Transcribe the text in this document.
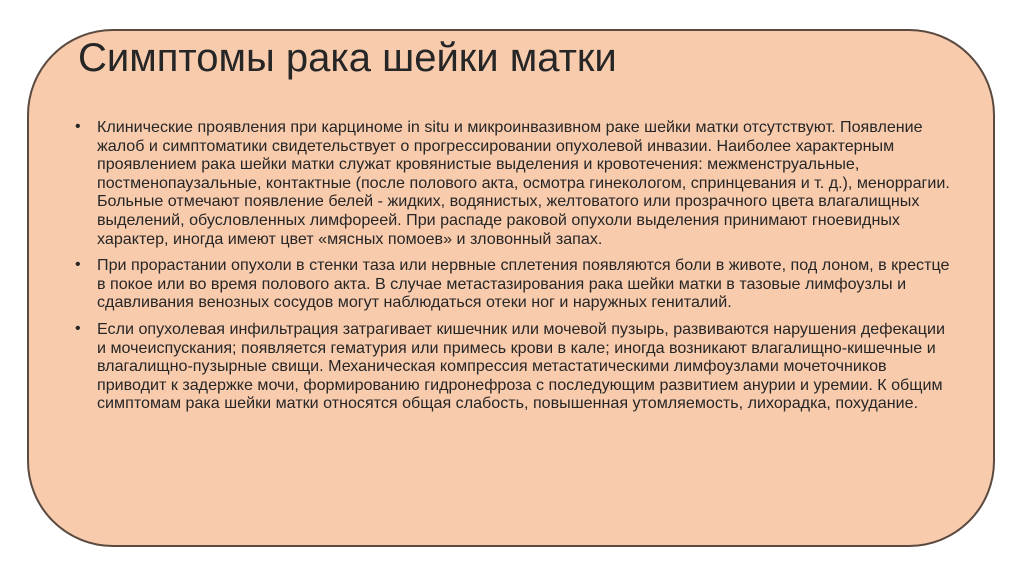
Симптомы рака шейки матки
• Клинические проявления при карциноме in situ и микроинвазивном раке шейки матки отсутствуют. Появление жалоб и симптоматики свидетельствует о прогрессировании опухолевой инвазии. Наиболее характерным проявлением рака шейки матки служат кровянистые выделения и кровотечения: межменструальные, постменопаузальные, контактные (после полового акта, осмотра гинекологом, спринцевания и т. д.), меноррагии. Больные отмечают появление белей - жидких, водянистых, желтоватого или прозрачного цвета влагалищных выделений, обусловленных лимфореей. При распаде раковой опухоли выделения принимают гноевидных характер, иногда имеют цвет «мясных помоев» и зловонный запах.
• При прорастании опухоли в стенки таза или нервные сплетения появляются боли в животе, под лоном, в крестце в покое или во время полового акта. В случае метастазирования рака шейки матки в тазовые лимфоузлы и сдавливания венозных сосудов могут наблюдаться отеки ног и наружных гениталий.
• Если опухолевая инфильтрация затрагивает кишечник или мочевой пузырь, развиваются нарушения дефекации и мочеиспускания; появляется гематурия или примесь крови в кале; иногда возникают влагалищно-кишечные и влагалищно-пузырные свищи. Механическая компрессия метастатическими лимфоузлами мочеточников приводит к задержке мочи, формированию гидронефроза с последующим развитием анурии и уремии. К общим симптомам рака шейки матки относятся общая слабость, повышенная утомляемость, лихорадка, похудание.
